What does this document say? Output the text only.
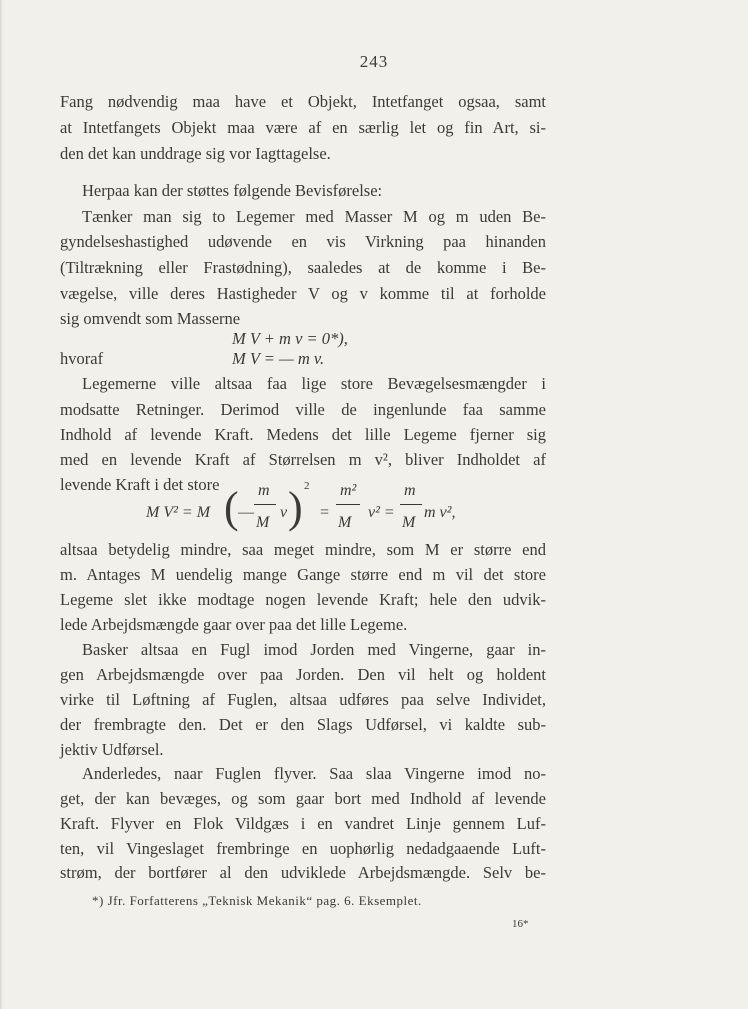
243
Fang nødvendig maa have et Objekt, Intetfanget ogsaa, samt
at Intetfangets Objekt maa være af en særlig let og fin Art, si-
den det kan unddrage sig vor Iagttagelse.
Herpaa kan der støttes følgende Bevisførelse:
Tænker man sig to Legemer med Masser M og m uden Be-
gyndelseshastighed udøvende en vis Virkning paa hinanden
(Tiltrækning eller Frastødning), saaledes at de komme i Be-
vægelse, ville deres Hastigheder V og v komme til at forholde
sig omvendt som Masserne
M V + m v = 0*),
hvoraf	M V = — m v.
Legemerne ville altsaa faa lige store Bevægelsesmængder i
modsatte Retninger. Derimod ville de ingenlunde faa samme
Indhold af levende Kraft. Medens det lille Legeme fjerner sig
med en levende Kraft af Størrelsen m v², bliver Indholdet af
levende Kraft i det store
M V² = M ( —
m
M
v ) 2
=
m²
M
v² =
m
M
m v²,
altsaa betydelig mindre, saa meget mindre, som M er større end
m. Antages M uendelig mange Gange større end m vil det store
Legeme slet ikke modtage nogen levende Kraft; hele den udvik-
lede Arbejdsmængde gaar over paa det lille Legeme.
Basker altsaa en Fugl imod Jorden med Vingerne, gaar in-
gen Arbejdsmængde over paa Jorden. Den vil helt og holdent
virke til Løftning af Fuglen, altsaa udføres paa selve Individet,
der frembragte den. Det er den Slags Udførsel, vi kaldte sub-
jektiv Udførsel.
Anderledes, naar Fuglen flyver. Saa slaa Vingerne imod no-
get, der kan bevæges, og som gaar bort med Indhold af levende
Kraft. Flyver en Flok Vildgæs i en vandret Linje gennem Luf-
ten, vil Vingeslaget frembringe en uophørlig nedadgaaende Luft-
strøm, der bortfører al den udviklede Arbejdsmængde. Selv be-
*) Jfr. Forfatterens „Teknisk Mekanik“ pag. 6. Eksemplet.
16*
